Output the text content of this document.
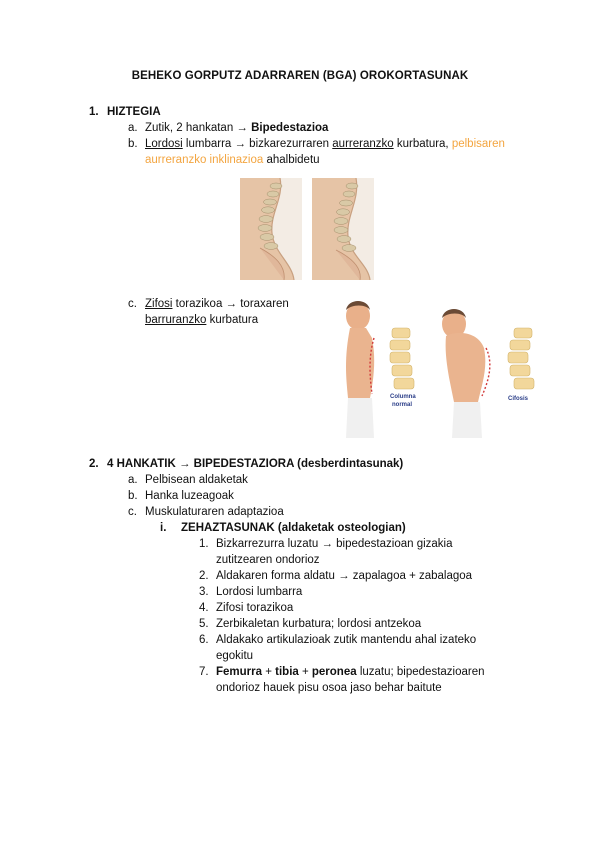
BEHEKO GORPUTZ ADARRAREN (BGA) OROKORTASUNAK
1. HIZTEGIA
a. Zutik, 2 hankatan → Bipedestazioa
b. Lordosi lumbarra → bizkarezurraren aurreranzko kurbatura, pelbisaren
aurreranzko inklinazioa ahalbidetu
c. Zifosi torazikoa → toraxaren
barruranzko kurbatura
Columna
normal
Cifosis
2. 4 HANKATIK → BIPEDESTAZIORA (desberdintasunak)
a. Pelbisean aldaketak
b. Hanka luzeagoak
c. Muskulaturaren adaptazioa
i. ZEHAZTASUNAK (aldaketak osteologian)
1. Bizkarrezurra luzatu → bipedestazioan gizakia
zutitzearen ondorioz
2. Aldakaren forma aldatu → zapalagoa + zabalagoa
3. Lordosi lumbarra
4. Zifosi torazikoa
5. Zerbikaletan kurbatura; lordosi antzekoa
6. Aldakako artikulazioak zutik mantendu ahal izateko
egokitu
7. Femurra + tibia + peronea luzatu; bipedestazioaren
ondorioz hauek pisu osoa jaso behar baitute
